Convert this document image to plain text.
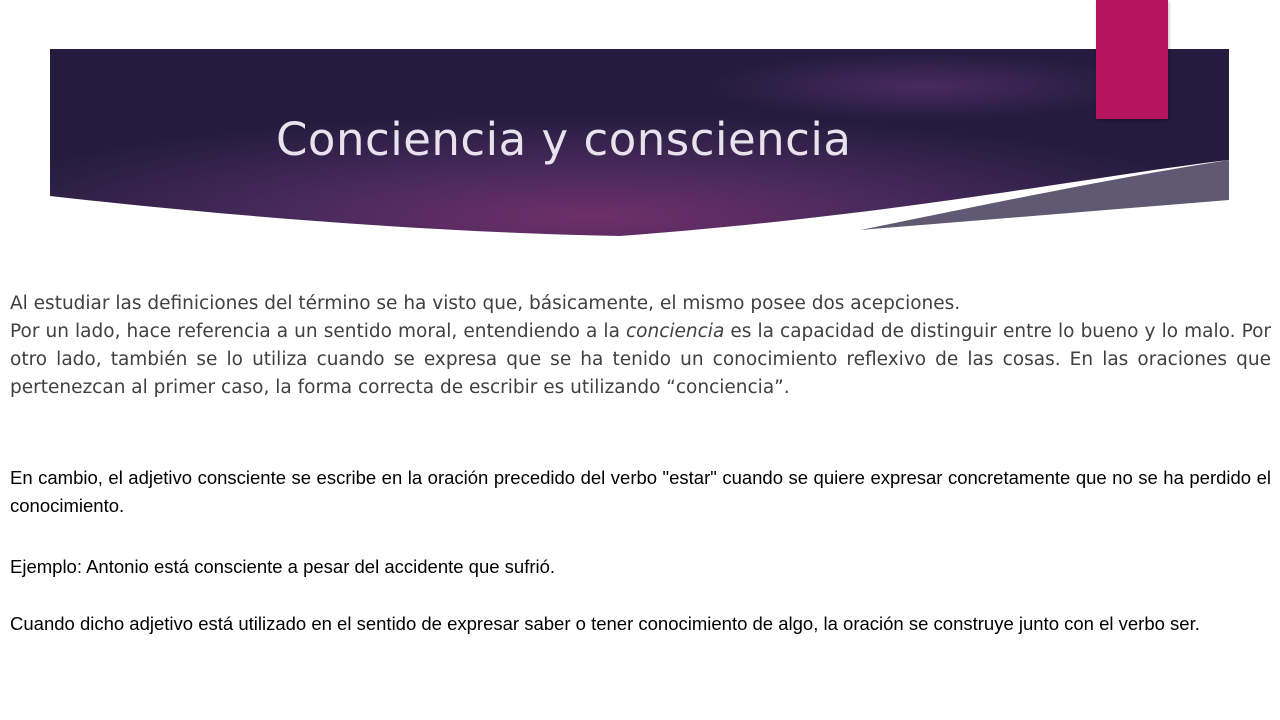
Conciencia y consciencia

Al estudiar las definiciones del término se ha visto que, básicamente, el mismo posee dos acepciones.
Por un lado, hace referencia a un sentido moral, entendiendo a la conciencia es la capacidad de distinguir entre lo bueno y lo malo. Por otro lado, también se lo utiliza cuando se expresa que se ha tenido un conocimiento reflexivo de las cosas. En las oraciones que pertenezcan al primer caso, la forma correcta de escribir es utilizando “conciencia”.

En cambio, el adjetivo consciente se escribe en la oración precedido del verbo "estar" cuando se quiere expresar concretamente que no se ha perdido el conocimiento.

Ejemplo: Antonio está consciente a pesar del accidente que sufrió.

Cuando dicho adjetivo está utilizado en el sentido de expresar saber o tener conocimiento de algo, la oración se construye junto con el verbo ser.
